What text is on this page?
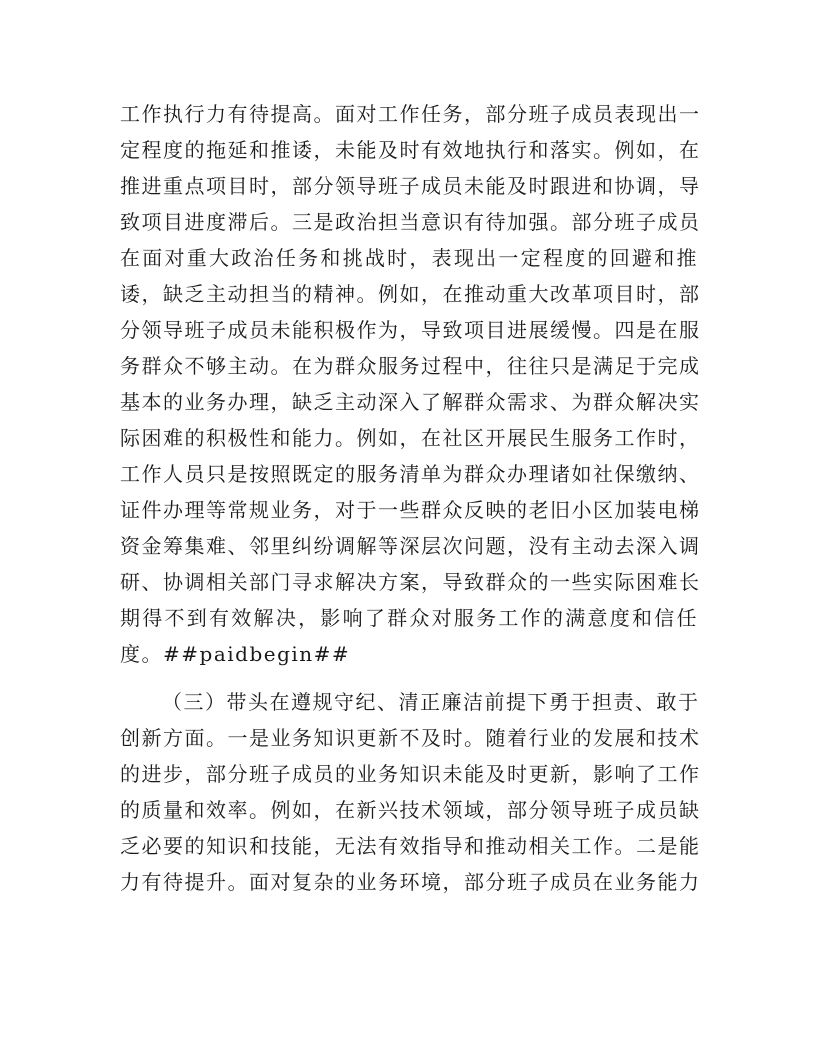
工作执行力有待提高。面对工作任务，部分班子成员表现出一
定程度的拖延和推诿，未能及时有效地执行和落实。例如，在
推进重点项目时，部分领导班子成员未能及时跟进和协调，导
致项目进度滞后。三是政治担当意识有待加强。部分班子成员
在面对重大政治任务和挑战时，表现出一定程度的回避和推
诿，缺乏主动担当的精神。例如，在推动重大改革项目时，部
分领导班子成员未能积极作为，导致项目进展缓慢。四是在服
务群众不够主动。在为群众服务过程中，往往只是满足于完成
基本的业务办理，缺乏主动深入了解群众需求、为群众解决实
际困难的积极性和能力。例如，在社区开展民生服务工作时，
工作人员只是按照既定的服务清单为群众办理诸如社保缴纳、
证件办理等常规业务，对于一些群众反映的老旧小区加装电梯
资金筹集难、邻里纠纷调解等深层次问题，没有主动去深入调
研、协调相关部门寻求解决方案，导致群众的一些实际困难长
期得不到有效解决，影响了群众对服务工作的满意度和信任
度。##paidbegin##
（三）带头在遵规守纪、清正廉洁前提下勇于担责、敢于
创新方面。一是业务知识更新不及时。随着行业的发展和技术
的进步，部分班子成员的业务知识未能及时更新，影响了工作
的质量和效率。例如，在新兴技术领域，部分领导班子成员缺
乏必要的知识和技能，无法有效指导和推动相关工作。二是能
力有待提升。面对复杂的业务环境，部分班子成员在业务能力
